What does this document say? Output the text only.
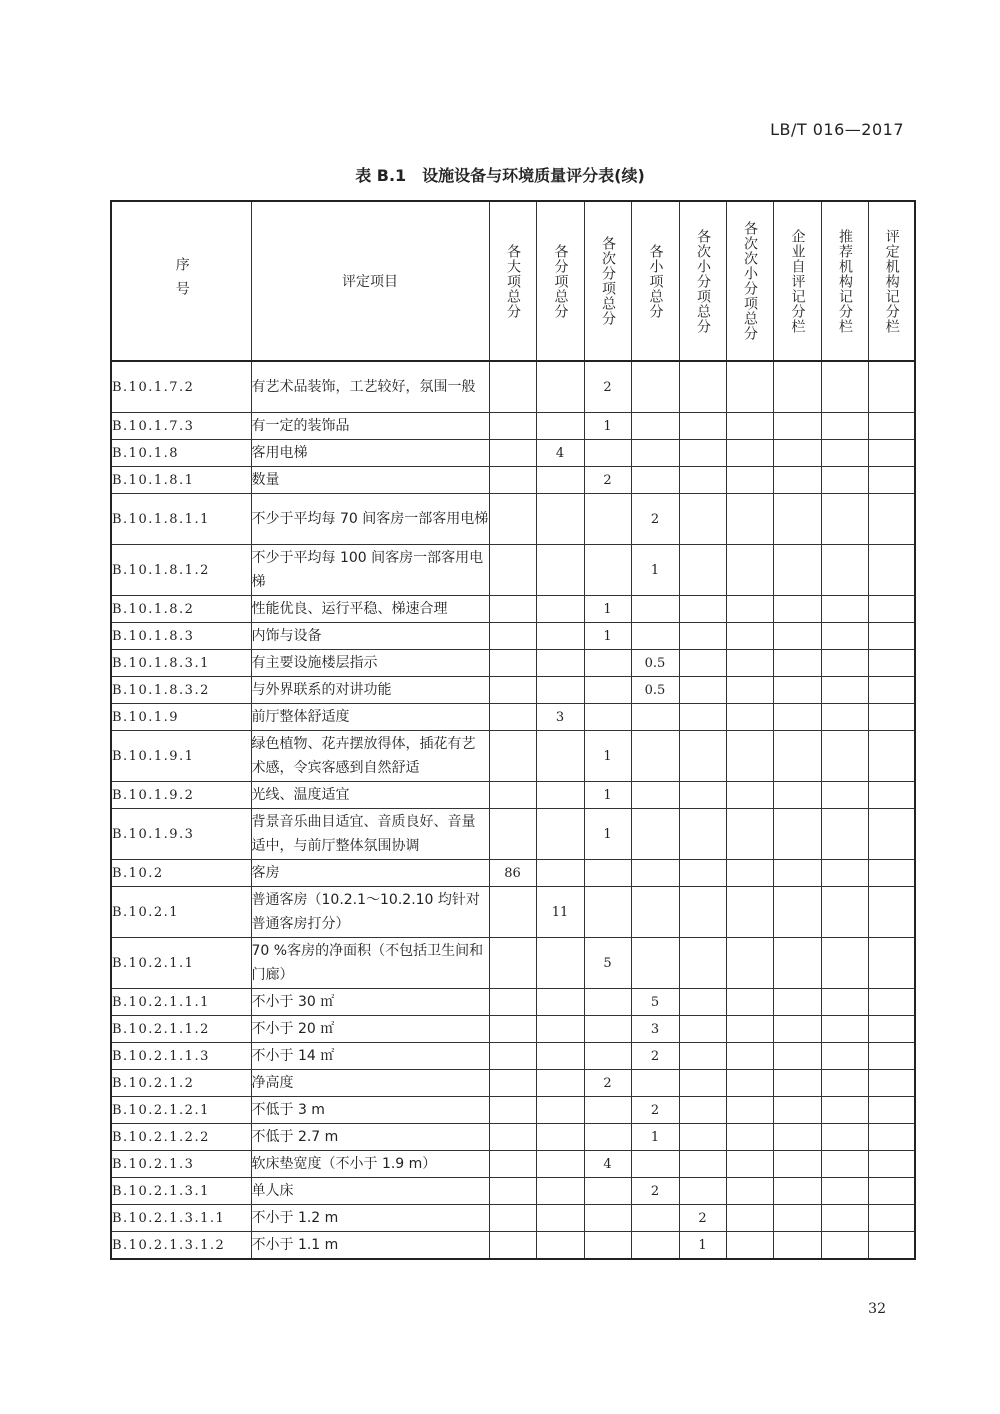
LB/T 016—2017
表 B.1 设施设备与环境质量评分表(续)
序号	评定项目	各大项总分	各分项总分	各次分项总分	各小项总分	各次小分项总分	各次次小分项总分	企业自评记分栏	推荐机构记分栏	评定机构记分栏

B.10.1.7.2	有艺术品装饰，工艺较好，氛围一般			2						
B.10.1.7.3	有一定的装饰品			1						
B.10.1.8	客用电梯		4							
B.10.1.8.1	数量			2						
B.10.1.8.1.1	不少于平均每 70 间客房一部客用电梯				2					
B.10.1.8.1.2	不少于平均每 100 间客房一部客用电梯				1					
B.10.1.8.2	性能优良、运行平稳、梯速合理			1						
B.10.1.8.3	内饰与设备			1						
B.10.1.8.3.1	有主要设施楼层指示				0.5					
B.10.1.8.3.2	与外界联系的对讲功能				0.5					
B.10.1.9	前厅整体舒适度		3							
B.10.1.9.1	绿色植物、花卉摆放得体，插花有艺术感，令宾客感到自然舒适			1						
B.10.1.9.2	光线、温度适宜			1						
B.10.1.9.3	背景音乐曲目适宜、音质良好、音量适中，与前厅整体氛围协调			1						
B.10.2	客房	86								
B.10.2.1	普通客房（10.2.1～10.2.10 均针对普通客房打分）		11							
B.10.2.1.1	70 %客房的净面积（不包括卫生间和门廊）			5						
B.10.2.1.1.1	不小于 30 ㎡				5					
B.10.2.1.1.2	不小于 20 ㎡				3					
B.10.2.1.1.3	不小于 14 ㎡				2					
B.10.2.1.2	净高度			2						
B.10.2.1.2.1	不低于 3 m				2					
B.10.2.1.2.2	不低于 2.7 m				1					
B.10.2.1.3	软床垫宽度（不小于 1.9 m）			4						
B.10.2.1.3.1	单人床				2					
B.10.2.1.3.1.1	不小于 1.2 m					2				
B.10.2.1.3.1.2	不小于 1.1 m					1				
32
